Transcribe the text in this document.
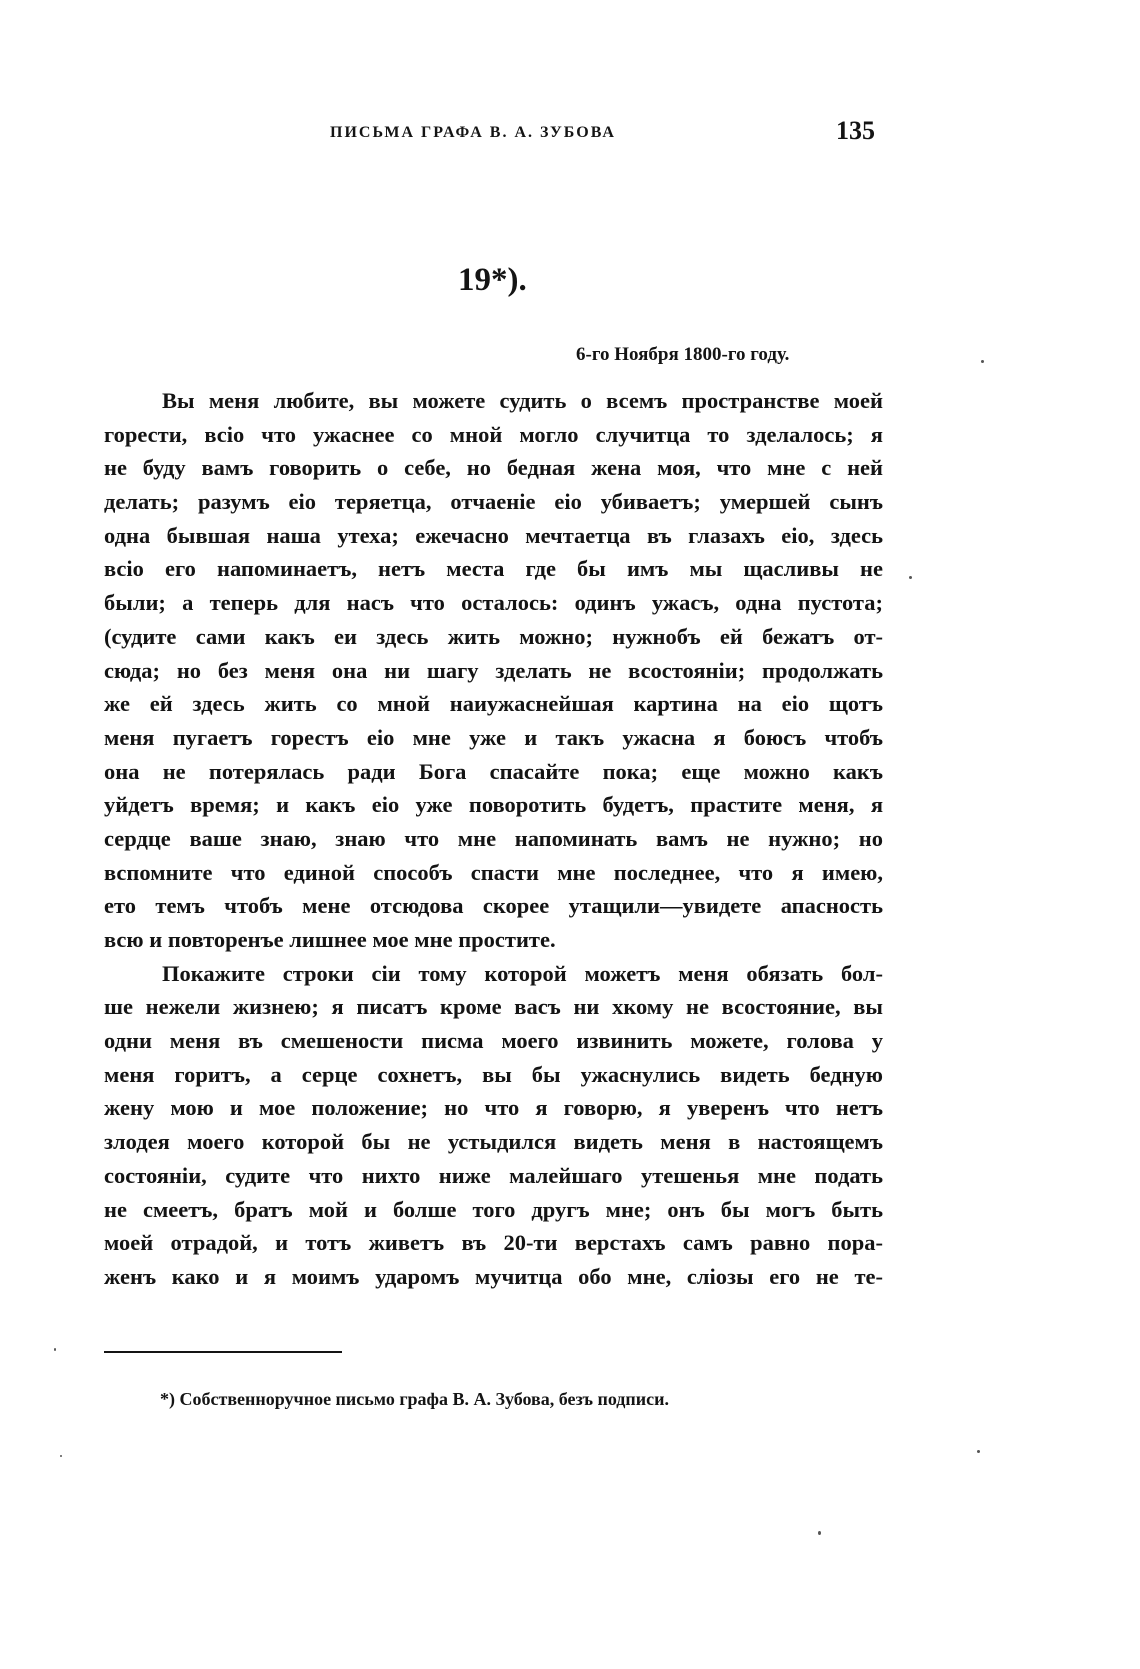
ПИСЬМА ГРАФА В. А. ЗУБОВА	135
19*).
6-го Ноября 1800-го году.
Вы меня любите, вы можете судить о всемъ пространстве моей
горести, всіо что ужаснее со мной могло случитца то зделалось; я
не буду вамъ говорить о себе, но бедная жена моя, что мне с ней
делать; разумъ еіо теряетца, отчаеніе еіо убиваетъ; умершей сынъ
одна бывшая наша утеха; ежечасно мечтаетца въ глазахъ еіо, здесь
всіо его напоминаетъ, нетъ места где бы имъ мы щасливы не
были; а теперь для насъ что осталось: одинъ ужасъ, одна пустота;
(судите сами какъ еи здесь жить можно; нужнобъ ей бежатъ от-
сюда; но без меня она ни шагу зделать не всостояніи; продолжать
же ей здесь жить со мной наиужаснейшая картина на еіо щотъ
меня пугаетъ горестъ еіо мне уже и такъ ужасна я боюсъ чтобъ
она не потерялась ради Бога спасайте пока; еще можно какъ
уйдетъ время; и какъ еіо уже поворотить будетъ, прастите меня, я
сердце ваше знаю, знаю что мне напоминать вамъ не нужно; но
вспомните что единой способъ спасти мне последнее, что я имею,
ето темъ чтобъ мене отсюдова скорее утащили—увидете апасность
всю и повторенъе лишнее мое мне простите.
Покажите строки сіи тому которой можетъ меня обязать бол-
ше нежели жизнею; я писатъ кроме васъ ни хкому не всостояние, вы
одни меня въ смешености писма моего извинить можете, голова у
меня горитъ, а серце сохнетъ, вы бы ужаснулись видеть бедную
жену мою и мое положение; но что я говорю, я уверенъ что нетъ
злодея моего которой бы не устыдился видеть меня в настоящемъ
состояніи, судите что нихто ниже малейшаго утешенья мне подать
не смеетъ, братъ мой и болше того другъ мне; онъ бы могъ быть
моей отрадой, и тотъ живетъ въ 20-ти верстахъ самъ равно пора-
женъ како и я моимъ ударомъ мучитца обо мне, сліозы его не те-
*) Собственноручное письмо графа В. А. Зубова, безъ подписи.
